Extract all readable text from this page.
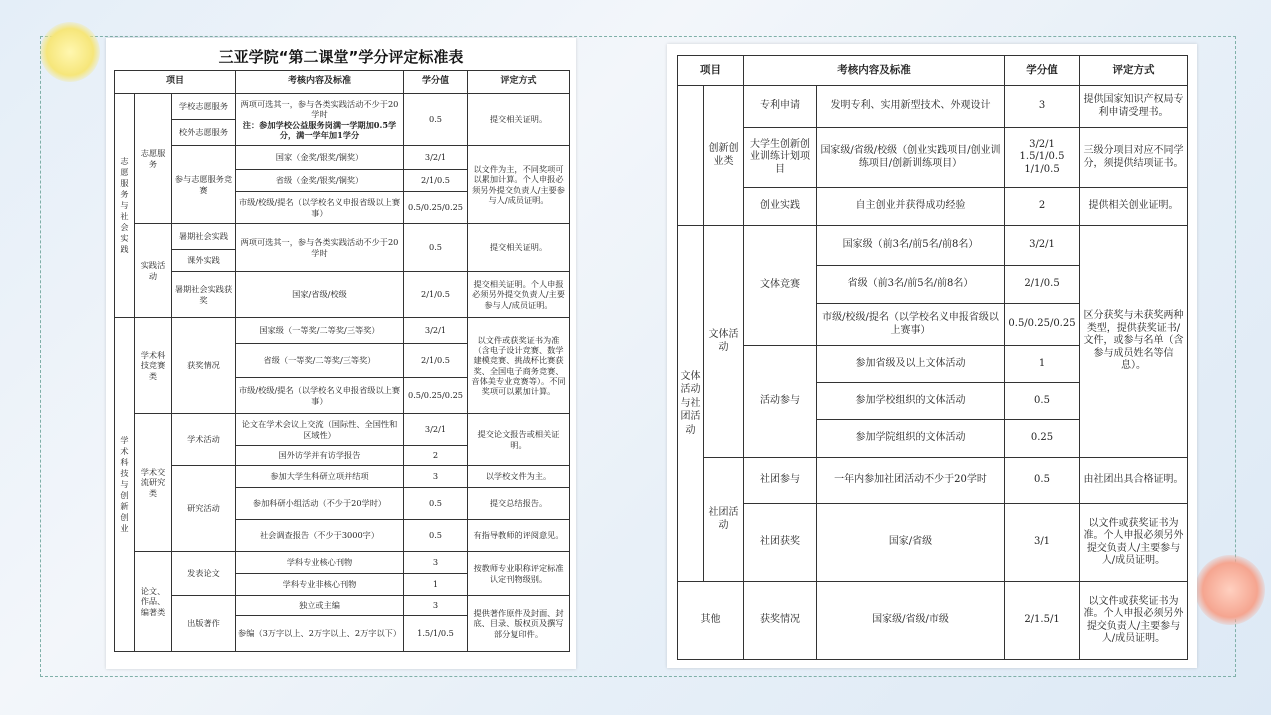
三亚学院“第二课堂”学分评定标准表
项目			考核内容及标准	学分值	评定方式
志愿服务与社会实践	志愿服务	学校志愿服务	两项可选其一，参与各类实践活动不少于20学时
注：参加学校公益服务岗满一学期加0.5学分，满一学年加1学分	0.5	提交相关证明。
		校外志愿服务			
		参与志愿服务竞赛	国家（金奖/银奖/铜奖）	3/2/1	以文件为主，不同奖项可以累加计算。个人申报必须另外提交负责人/主要参与人/成员证明。
			省级（金奖/银奖/铜奖）	2/1/0.5	
			市级/校级/提名（以学校名义申报省级以上赛事）	0.5/0.25/0.25	
	实践活动	暑期社会实践	两项可选其一，参与各类实践活动不少于20学时	0.5	提交相关证明。
		课外实践			
		暑期社会实践获奖	国家/省级/校级	2/1/0.5	提交相关证明。个人申报必须另外提交负责人/主要参与人/成员证明。
学术科技与创新创业	学术科技竞赛类	获奖情况	国家级（一等奖/二等奖/三等奖）	3/2/1	以文件或获奖证书为准（含电子设计竞赛、数学建模竞赛、挑战杯比赛获奖、全国电子商务竞赛、音体美专业竞赛等）。不同奖项可以累加计算。
			省级（一等奖/二等奖/三等奖）	2/1/0.5	
			市级/校级/提名（以学校名义申报省级以上赛事）	0.5/0.25/0.25	
	学术交流研究类	学术活动	论文在学术会议上交流（国际性、全国性和区域性）	3/2/1	提交论文报告或相关证明。
			国外访学并有访学报告	2	
		研究活动	参加大学生科研立项并结项	3	以学校文件为主。
			参加科研小组活动（不少于20学时）	0.5	提交总结报告。
			社会调查报告（不少于3000字）	0.5	有指导教师的评阅意见。
	论文、作品、编著类	发表论文	学科专业核心刊物	3	按教师专业职称评定标准认定刊物级别。
			学科专业非核心刊物	1	
		出版著作	独立或主编	3	提供著作原件及封面、封底、目录、版权页及撰写部分复印件。
			参编（3万字以上、2万字以上、2万字以下）	1.5/1/0.5	
项目		考核内容及标准		学分值	评定方式
	创新创业类	专利申请	发明专利、实用新型技术、外观设计	3	提供国家知识产权局专利申请受理书。
		大学生创新创业训练计划项目	国家级/省级/校级（创业实践项目/创业训练项目/创新训练项目）	3/2/1 1.5/1/0.5 1/1/0.5	三级分项目对应不同学分，须提供结项证书。
		创业实践	自主创业并获得成功经验	2	提供相关创业证明。
文体活动与社团活动	文体活动	文体竞赛	国家级（前3名/前5名/前8名）	3/2/1	区分获奖与未获奖两种类型，提供获奖证书/文件，或参与名单（含参与成员姓名等信息）。
			省级（前3名/前5名/前8名）	2/1/0.5	
			市级/校级/提名（以学校名义申报省级以上赛事）	0.5/0.25/0.25	
		活动参与	参加省级及以上文体活动	1	
			参加学校组织的文体活动	0.5	
			参加学院组织的文体活动	0.25	
	社团活动	社团参与	一年内参加社团活动不少于20学时	0.5	由社团出具合格证明。
		社团获奖	国家/省级	3/1	以文件或获奖证书为准。个人申报必须另外提交负责人/主要参与人/成员证明。
其他		获奖情况	国家级/省级/市级	2/1.5/1	以文件或获奖证书为准。个人申报必须另外提交负责人/主要参与人/成员证明。
